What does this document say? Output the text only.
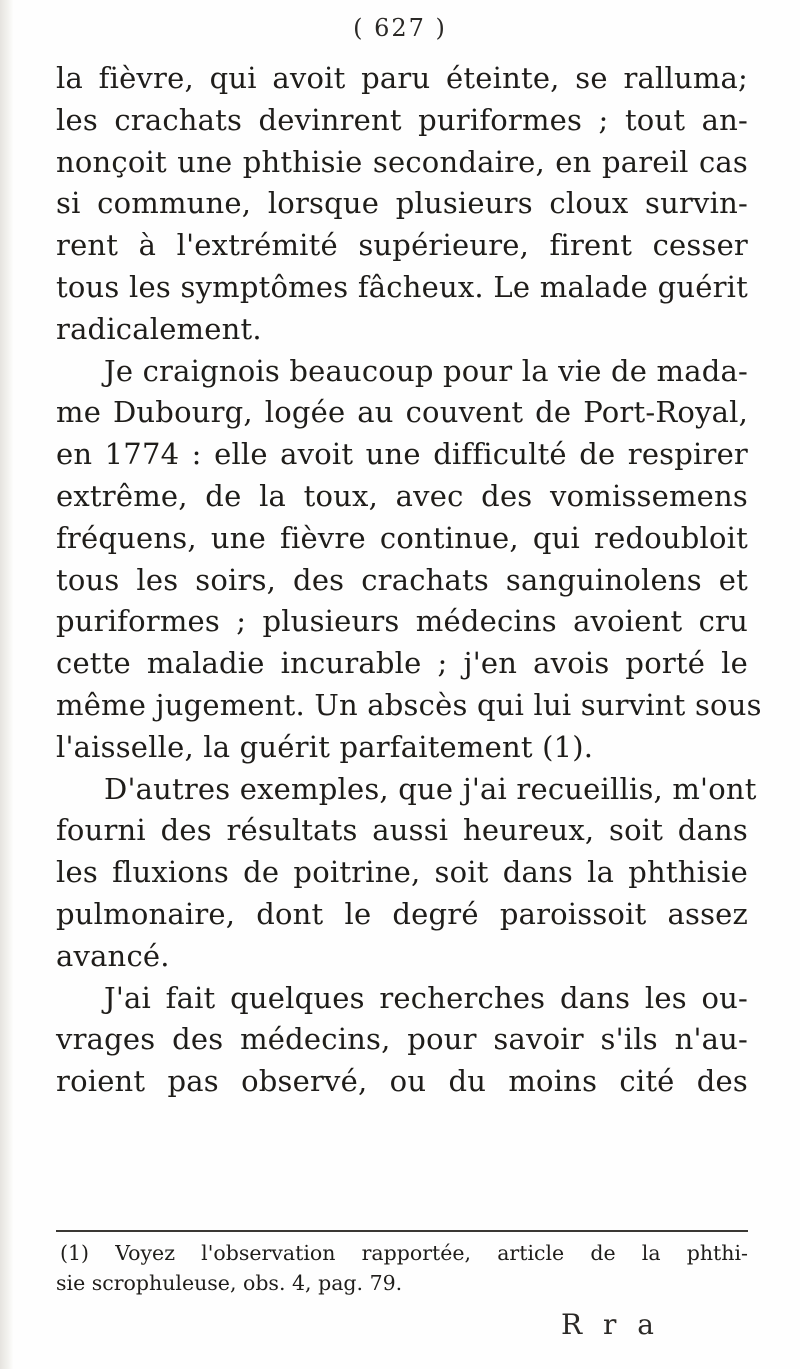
( 627 )
la fièvre, qui avoit paru éteinte, se ralluma;
les crachats devinrent puriformes ; tout an-
nonçoit une phthisie secondaire, en pareil cas
si commune, lorsque plusieurs cloux survin-
rent à l'extrémité supérieure, firent cesser
tous les symptômes fâcheux. Le malade guérit
radicalement.
Je craignois beaucoup pour la vie de mada-
me Dubourg, logée au couvent de Port-Royal,
en 1774 : elle avoit une difficulté de respirer
extrême, de la toux, avec des vomissemens
fréquens, une fièvre continue, qui redoubloit
tous les soirs, des crachats sanguinolens et
puriformes ; plusieurs médecins avoient cru
cette maladie incurable ; j'en avois porté le
même jugement. Un abscès qui lui survint sous
l'aisselle, la guérit parfaitement (1).
D'autres exemples, que j'ai recueillis, m'ont
fourni des résultats aussi heureux, soit dans
les fluxions de poitrine, soit dans la phthisie
pulmonaire, dont le degré paroissoit assez
avancé.
J'ai fait quelques recherches dans les ou-
vrages des médecins, pour savoir s'ils n'au-
roient pas observé, ou du moins cité des
(1) Voyez l'observation rapportée, article de la phthi-
sie scrophuleuse, obs. 4, pag. 79.
R r a
